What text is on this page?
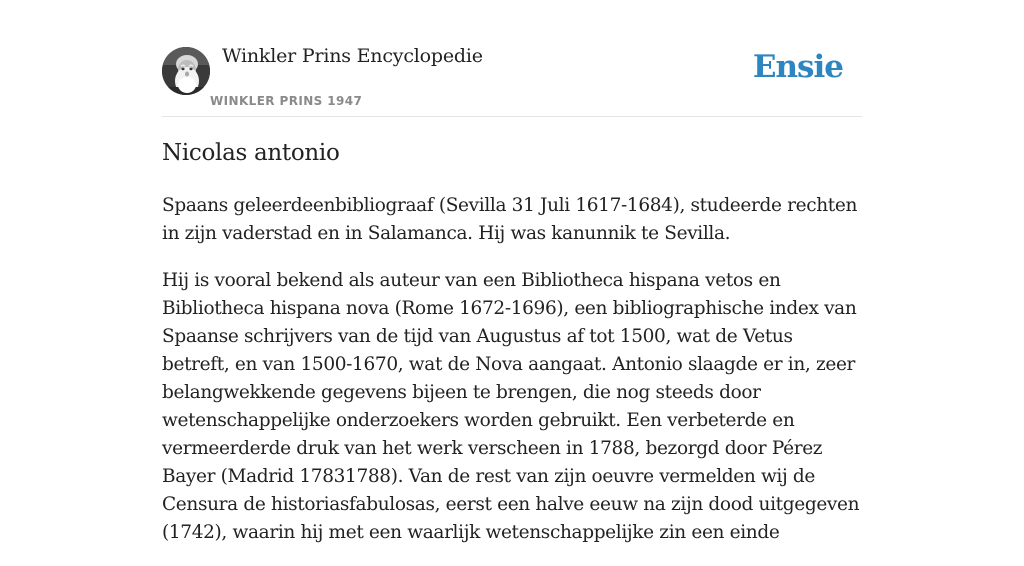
Winkler Prins Encyclopedie
WINKLER PRINS 1947
Ensie
Nicolas antonio

Spaans geleerdeenbibliograaf (Sevilla 31 Juli 1617-1684), studeerde rechten in zijn vaderstad en in Salamanca. Hij was kanunnik te Sevilla.

Hij is vooral bekend als auteur van een Bibliotheca hispana vetos en Bibliotheca hispana nova (Rome 1672-1696), een bibliographische index van Spaanse schrijvers van de tijd van Augustus af tot 1500, wat de Vetus betreft, en van 1500-1670, wat de Nova aangaat. Antonio slaagde er in, zeer belangwekkende gegevens bijeen te brengen, die nog steeds door wetenschappelijke onderzoekers worden gebruikt. Een verbeterde en vermeerderde druk van het werk verscheen in 1788, bezorgd door Pérez Bayer (Madrid 17831788). Van de rest van zijn oeuvre vermelden wij de Censura de historiasfabulosas, eerst een halve eeuw na zijn dood uitgegeven (1742), waarin hij met een waarlijk wetenschappelijke zin een einde
